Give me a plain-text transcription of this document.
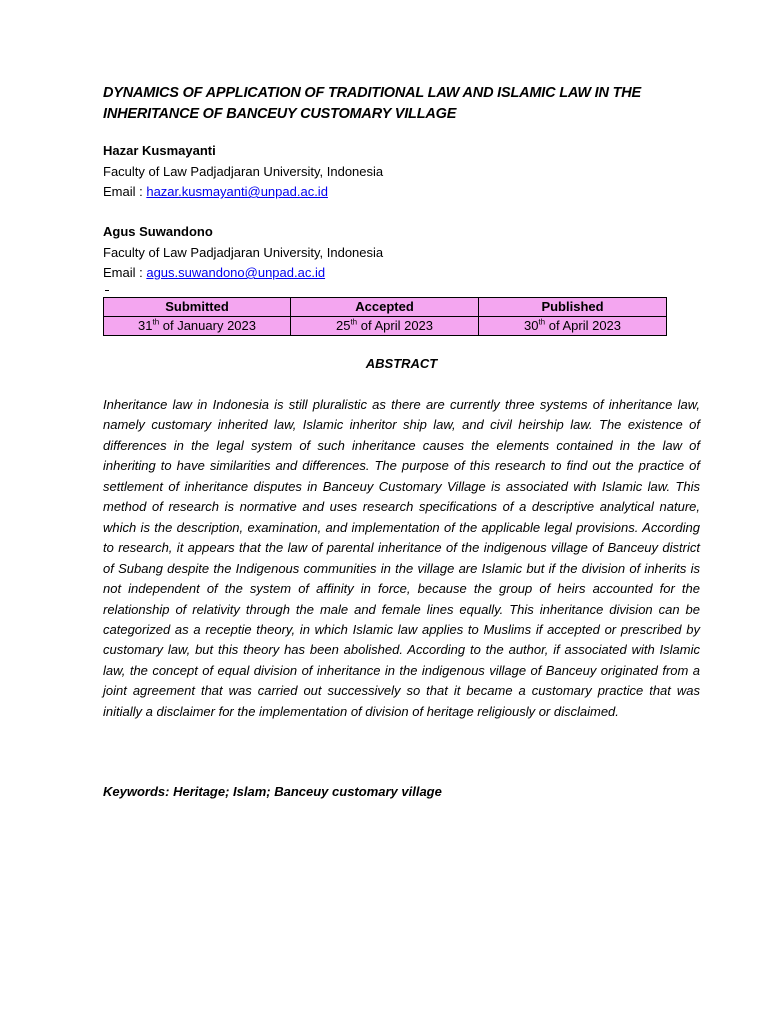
DYNAMICS OF APPLICATION OF TRADITIONAL LAW AND ISLAMIC LAW IN THE INHERITANCE OF BANCEUY CUSTOMARY VILLAGE
Hazar Kusmayanti
Faculty of Law Padjadjaran University, Indonesia
Email : hazar.kusmayanti@unpad.ac.id
Agus Suwandono
Faculty of Law Padjadjaran University, Indonesia
Email : agus.suwandono@unpad.ac.id
Submitted	Accepted	Published
31th of January 2023	25th of April 2023	30th of April 2023
ABSTRACT

Inheritance law in Indonesia is still pluralistic as there are currently three systems of inheritance law, namely customary inherited law, Islamic inheritor ship law, and civil heirship law. The existence of differences in the legal system of such inheritance causes the elements contained in the law of inheriting to have similarities and differences. The purpose of this research to find out the practice of settlement of inheritance disputes in Banceuy Customary Village is associated with Islamic law. This method of research is normative and uses research specifications of a descriptive analytical nature, which is the description, examination, and implementation of the applicable legal provisions. According to research, it appears that the law of parental inheritance of the indigenous village of Banceuy district of Subang despite the Indigenous communities in the village are Islamic but if the division of inherits is not independent of the system of affinity in force, because the group of heirs accounted for the relationship of relativity through the male and female lines equally. This inheritance division can be categorized as a receptie theory, in which Islamic law applies to Muslims if accepted or prescribed by customary law, but this theory has been abolished. According to the author, if associated with Islamic law, the concept of equal division of inheritance in the indigenous village of Banceuy originated from a joint agreement that was carried out successively so that it became a customary practice that was initially a disclaimer for the implementation of division of heritage religiously or disclaimed.

Keywords: Heritage; Islam; Banceuy customary village
